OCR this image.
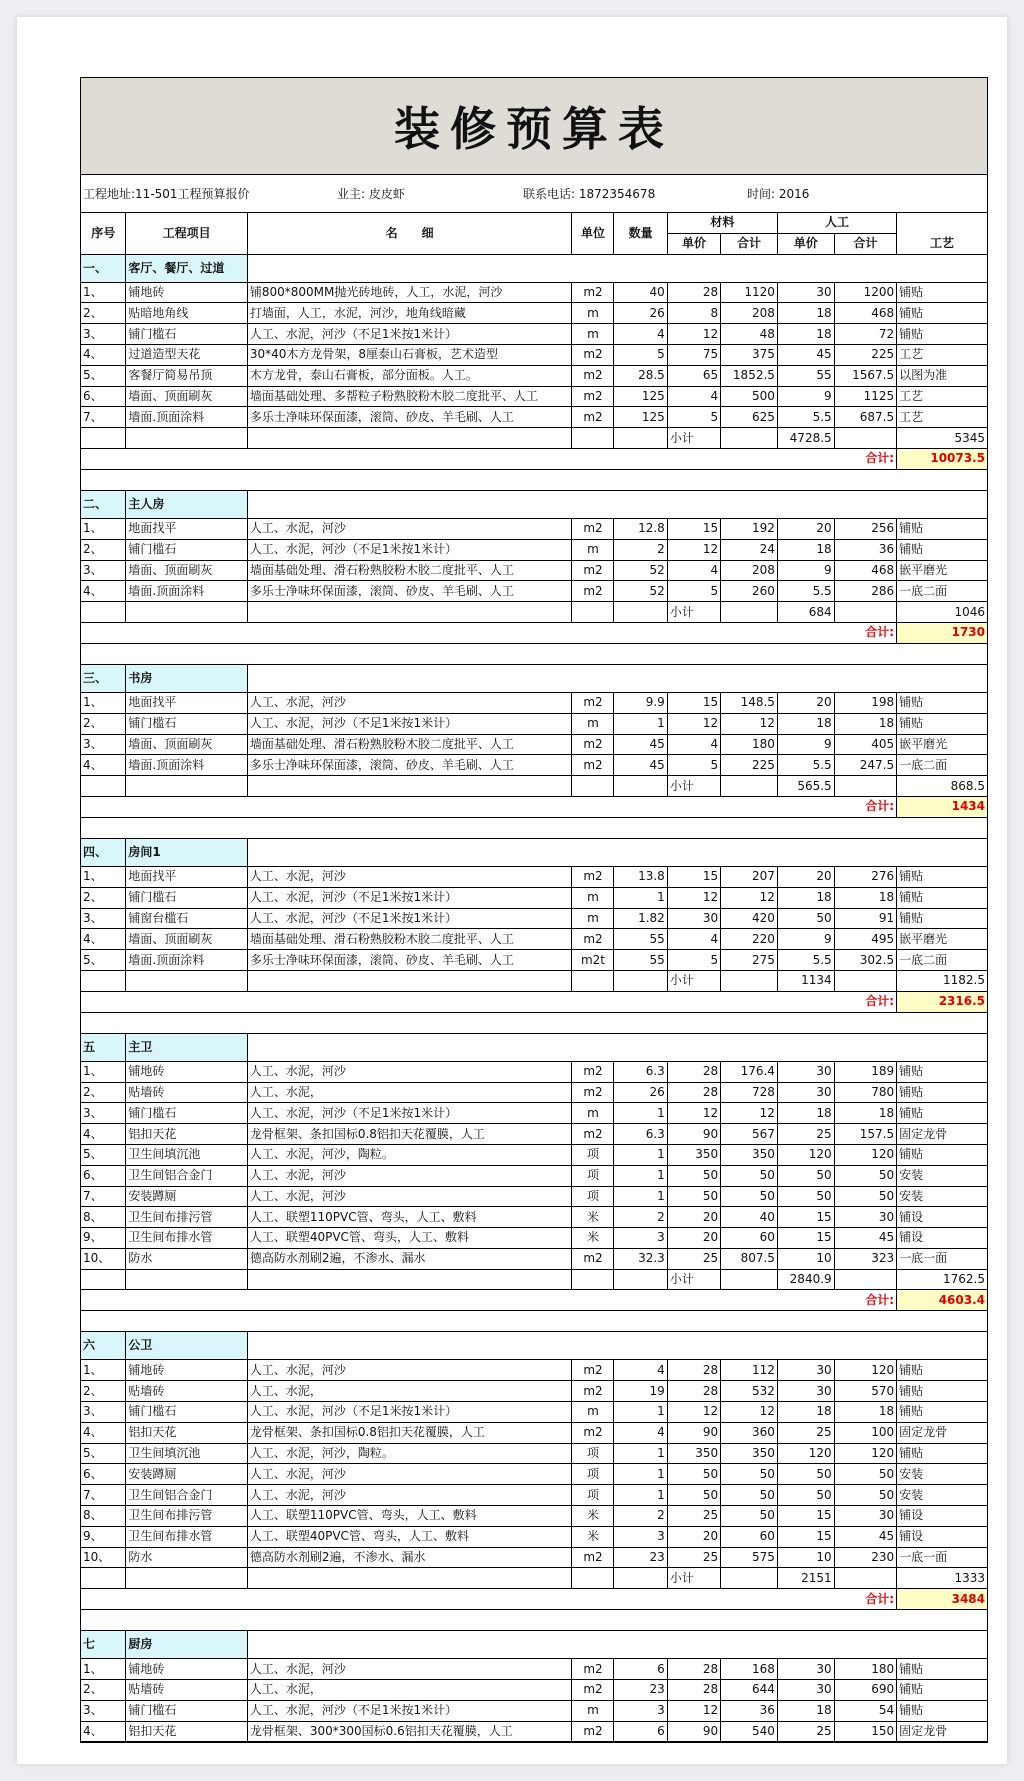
装修预算表
工程地址:11-501工程预算报价	业主: 皮皮虾	联系电话: 18723546​78	时间: 2016
序号	工程项目	名　　细	单位	数量	材料		人工		
					单价	合计	单价	合计	工艺
一、	客厅、餐厅、过道								
1、	铺地砖	铺800*800MM抛光砖地砖，人工，水泥，河沙	m2	40	28	1120	30	1200	铺贴
2、	贴暗地角线	打墙面，人工，水泥，河沙，地角线暗藏	m	26	8	208	18	468	铺贴
3、	铺门槛石	人工、水泥，河沙（不足1米按1米计）	m	4	12	48	18	72	铺贴
4、	过道造型天花	30*40木方龙骨架，8厘泰山石膏板，艺术造型	m2	5	75	375	45	225	工艺
5、	客餐厅简易吊顶	木方龙骨，泰山石膏板，部分面板。人工。	m2	28.5	65	1852.5	55	1567.5	以图为准
6、	墙面、顶面刷灰	墙面基础处理、多帮粒子粉熟胶粉木胶二度批平、人工	m2	125	4	500	9	1125	工艺
7、	墙面.顶面涂料	多乐士净味环保面漆，滚筒、砂皮、羊毛刷、人工	m2	125	5	625	5.5	687.5	工艺
					小计		4728.5		5345
								合计:	10073.5

二、	主人房								
1、	地面找平	人工、水泥，河沙	m2	12.8	15	192	20	256	铺贴
2、	铺门槛石	人工、水泥，河沙（不足1米按1米计）	m	2	12	24	18	36	铺贴
3、	墙面、顶面刷灰	墙面基础处理、滑石粉熟胶粉木胶二度批平、人工	m2	52	4	208	9	468	嵌平磨光
4、	墙面.顶面涂料	多乐士净味环保面漆，滚筒、砂皮、羊毛刷、人工	m2	52	5	260	5.5	286	一底二面
					小计		684		1046
								合计:	1730

三、	书房								
1、	地面找平	人工、水泥，河沙	m2	9.9	15	148.5	20	198	铺贴
2、	铺门槛石	人工、水泥，河沙（不足1米按1米计）	m	1	12	12	18	18	铺贴
3、	墙面、顶面刷灰	墙面基础处理、滑石粉熟胶粉木胶二度批平、人工	m2	45	4	180	9	405	嵌平磨光
4、	墙面.顶面涂料	多乐士净味环保面漆，滚筒、砂皮、羊毛刷、人工	m2	45	5	225	5.5	247.5	一底二面
					小计		565.5		868.5
								合计:	1434

四、	房间1								
1、	地面找平	人工、水泥，河沙	m2	13.8	15	207	20	276	铺贴
2、	铺门槛石	人工、水泥，河沙（不足1米按1米计）	m	1	12	12	18	18	铺贴
3、	铺窗台槛石	人工、水泥，河沙（不足1米按1米计）	m	1.82	30	420	50	91	铺贴
4、	墙面、顶面刷灰	墙面基础处理、滑石粉熟胶粉木胶二度批平、人工	m2	55	4	220	9	495	嵌平磨光
5、	墙面.顶面涂料	多乐士净味环保面漆，滚筒、砂皮、羊毛刷、人工	m2t	55	5	275	5.5	302.5	一底二面
					小计		1134		1182.5
								合计:	2316.5

五	主卫								
1、	铺地砖	人工、水泥，河沙	m2	6.3	28	176.4	30	189	铺贴
2、	贴墙砖	人工、水泥，	m2	26	28	728	30	780	铺贴
3、	铺门槛石	人工、水泥，河沙（不足1米按1米计）	m	1	12	12	18	18	铺贴
4、	铝扣天花	龙骨框架、条扣国标0.8铝扣天花覆膜，人工	m2	6.3	90	567	25	157.5	固定龙骨
5、	卫生间填沉池	人工、水泥，河沙，陶粒。	项	1	350	350	120	120	铺贴
6、	卫生间铝合金门	人工、水泥，河沙	项	1	50	50	50	50	安装
7、	安装蹲厕	人工、水泥，河沙	项	1	50	50	50	50	安装
8、	卫生间布排污管	人工、联塑110PVC管、弯头，人工、敷料	米	2	20	40	15	30	铺设
9、	卫生间布排水管	人工、联塑40PVC管、弯头，人工、敷料	米	3	20	60	15	45	铺设
10、	防水	德高防水剂刷2遍，不渗水、漏水	m2	32.3	25	807.5	10	323	一底一面
					小计		2840.9		1762.5
								合计:	4603.4

六	公卫								
1、	铺地砖	人工、水泥，河沙	m2	4	28	112	30	120	铺贴
2、	贴墙砖	人工、水泥，	m2	19	28	532	30	570	铺贴
3、	铺门槛石	人工、水泥，河沙（不足1米按1米计）	m	1	12	12	18	18	铺贴
4、	铝扣天花	龙骨框架、条扣国标0.8铝扣天花覆膜，人工	m2	4	90	360	25	100	固定龙骨
5、	卫生间填沉池	人工、水泥，河沙，陶粒。	项	1	350	350	120	120	铺贴
6、	安装蹲厕	人工、水泥，河沙	项	1	50	50	50	50	安装
7、	卫生间铝合金门	人工、水泥，河沙	项	1	50	50	50	50	安装
8、	卫生间布排污管	人工、联塑110PVC管、弯头，人工、敷料	米	2	25	50	15	30	铺设
9、	卫生间布排水管	人工、联塑40PVC管、弯头，人工、敷料	米	3	20	60	15	45	铺设
10、	防水	德高防水剂刷2遍，不渗水、漏水	m2	23	25	575	10	230	一底一面
					小计		2151		1333
								合计:	3484

七	厨房								
1、	铺地砖	人工、水泥，河沙	m2	6	28	168	30	180	铺贴
2、	贴墙砖	人工、水泥，	m2	23	28	644	30	690	铺贴
3、	铺门槛石	人工、水泥，河沙（不足1米按1米计）	m	3	12	36	18	54	铺贴
4、	铝扣天花	龙骨框架、300*300国标0.6铝扣天花覆膜，人工	m2	6	90	540	25	150	固定龙骨
